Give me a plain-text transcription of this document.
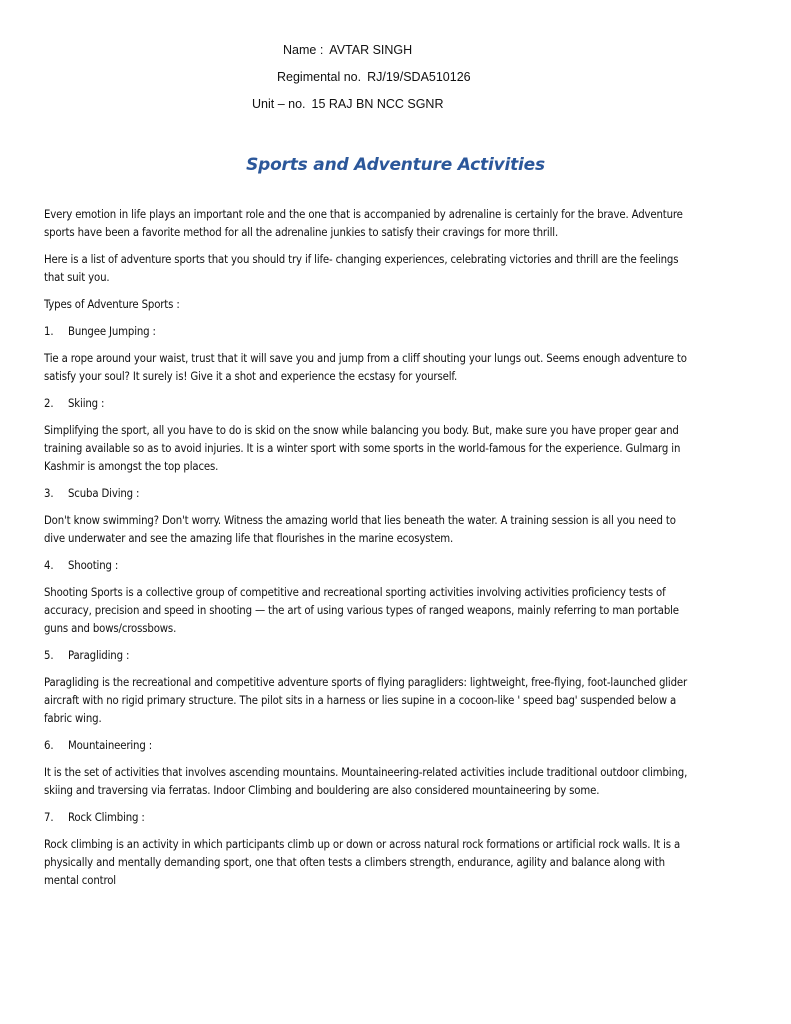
Name : AVTAR SINGH
Regimental no. RJ/19/SDA510126
Unit – no. 15 RAJ BN NCC SGNR
Sports and Adventure Activities

Every emotion in life plays an important role and the one that is accompanied by adrenaline is certainly for the brave. Adventure sports have been a favorite method for all the adrenaline junkies to satisfy their cravings for more thrill.

Here is a list of adventure sports that you should try if life- changing experiences, celebrating victories and thrill are the feelings that suit you.

Types of Adventure Sports :

1. Bungee Jumping :

Tie a rope around your waist, trust that it will save you and jump from a cliff shouting your lungs out. Seems enough adventure to satisfy your soul? It surely is! Give it a shot and experience the ecstasy for yourself.

2. Skiing :

Simplifying the sport, all you have to do is skid on the snow while balancing you body. But, make sure you have proper gear and training available so as to avoid injuries. It is a winter sport with some sports in the world-famous for the experience. Gulmarg in Kashmir is amongst the top places.

3. Scuba Diving :

Don't know swimming? Don't worry. Witness the amazing world that lies beneath the water. A training session is all you need to dive underwater and see the amazing life that flourishes in the marine ecosystem.

4. Shooting :

Shooting Sports is a collective group of competitive and recreational sporting activities involving activities proficiency tests of accuracy, precision and speed in shooting — the art of using various types of ranged weapons, mainly referring to man portable guns and bows/crossbows.

5. Paragliding :

Paragliding is the recreational and competitive adventure sports of flying paragliders: lightweight, free-flying, foot-launched glider aircraft with no rigid primary structure. The pilot sits in a harness or lies supine in a cocoon-like ' speed bag' suspended below a fabric wing.

6. Mountaineering :

It is the set of activities that involves ascending mountains. Mountaineering-related activities include traditional outdoor climbing, skiing and traversing via ferratas. Indoor Climbing and bouldering are also considered mountaineering by some.

7. Rock Climbing :

Rock climbing is an activity in which participants climb up or down or across natural rock formations or artificial rock walls. It is a physically and mentally demanding sport, one that often tests a climbers strength, endurance, agility and balance along with mental control
